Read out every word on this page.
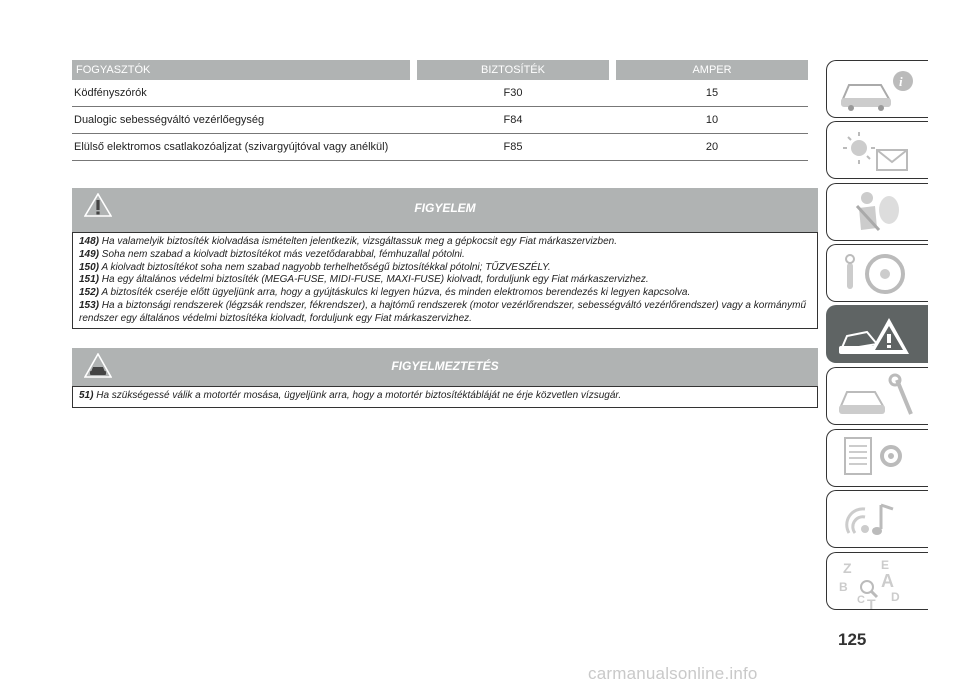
FOGYASZTÓK	BIZTOSÍTÉK	AMPER
Ködfényszórók	F30	15
Dualogic sebességváltó vezérlőegység	F84	10
Elülső elektromos csatlakozóaljzat (szivargyújtóval vagy anélkül)	F85	20
FIGYELEM

148) Ha valamelyik biztosíték kiolvadása ismételten jelentkezik, vizsgáltassuk meg a gépkocsit egy Fiat márkaszervizben.

149) Soha nem szabad a kiolvadt biztosítékot más vezetődarabbal, fémhuzallal pótolni.

150) A kiolvadt biztosítékot soha nem szabad nagyobb terhelhetőségű biztosítékkal pótolni; TŰZVESZÉLY.

151) Ha egy általános védelmi biztosíték (MEGA-FUSE, MIDI-FUSE, MAXI-FUSE) kiolvadt, forduljunk egy Fiat márkaszervizhez.

152) A biztosíték cseréje előtt ügyeljünk arra, hogy a gyújtáskulcs ki legyen húzva, és minden elektromos berendezés ki legyen kapcsolva.

153) Ha a biztonsági rendszerek (légzsák rendszer, fékrendszer), a hajtómű rendszerek (motor vezérlőrendszer, sebességváltó vezérlőrendszer) vagy a kormánymű rendszer egy általános védelmi biztosítéka kiolvadt, forduljunk egy Fiat márkaszervizhez.

FIGYELMEZTETÉS

51) Ha szükségessé válik a motortér mosása, ügyeljünk arra, hogy a motortér biztosítéktábláját ne érje közvetlen vízsugár.

i
Z E
B A
C T D
125
carmanualsonline.info
